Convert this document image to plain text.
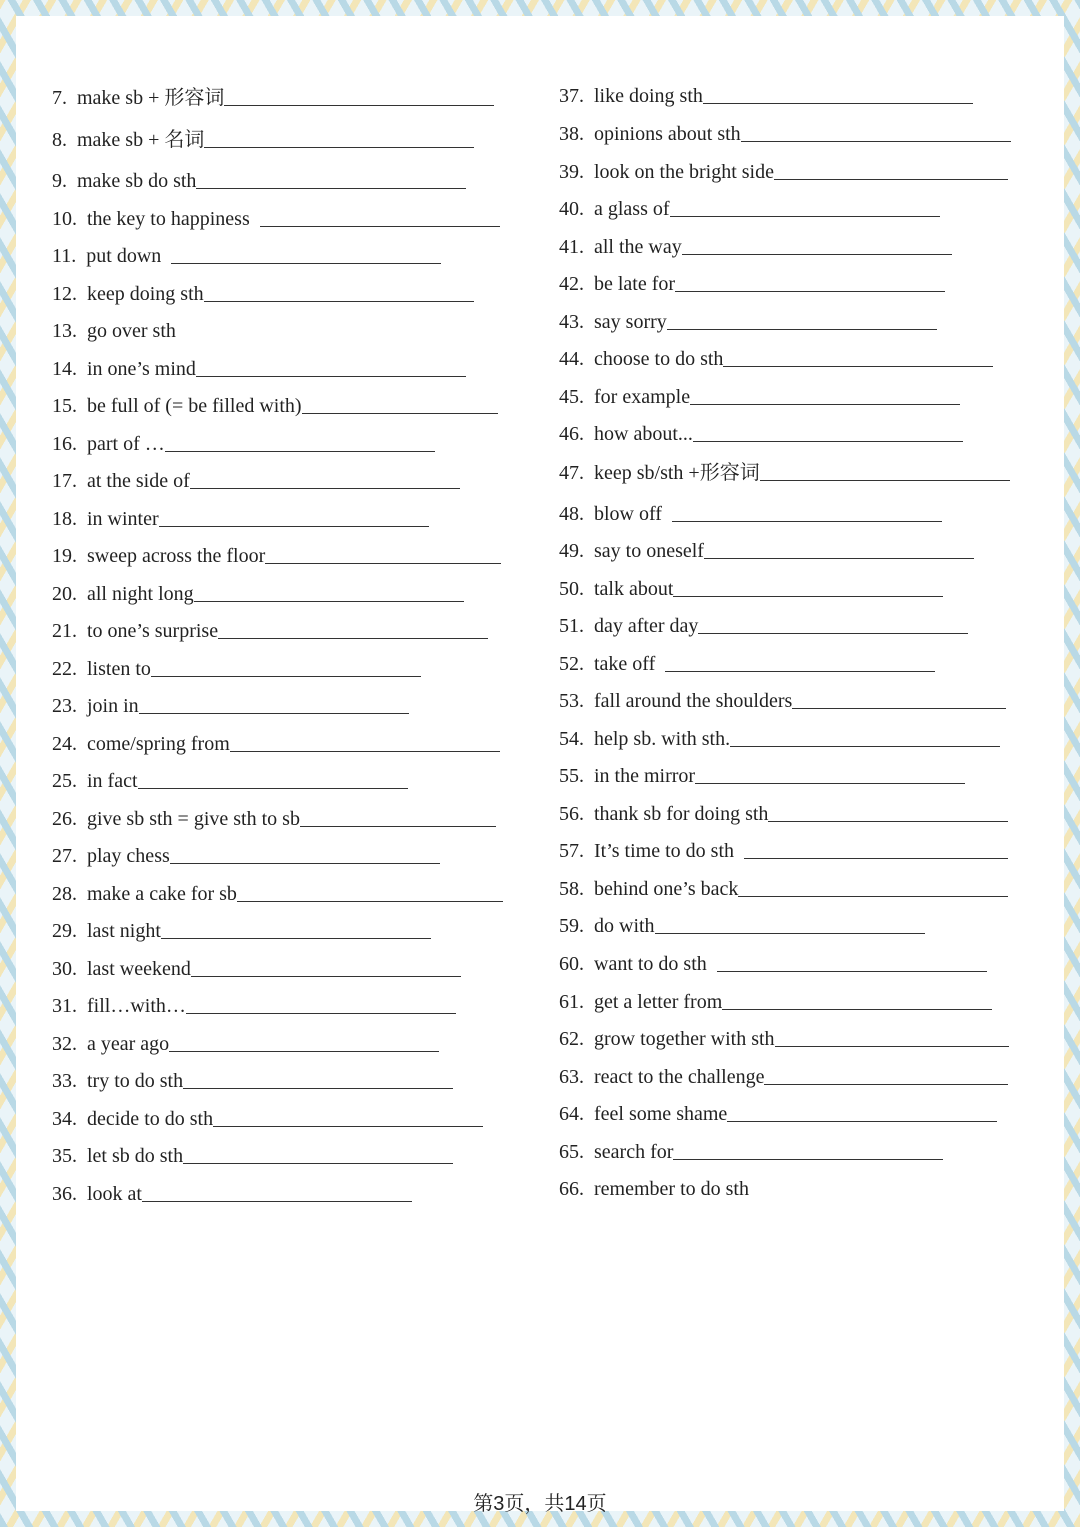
7. make sb + 形容词
8. make sb + 名词
9. make sb do sth
10. the key to happiness
11. put down
12. keep doing sth
13. go over sth
14. in one’s mind
15. be full of (= be filled with)
16. part of …
17. at the side of
18. in winter
19. sweep across the floor
20. all night long
21. to one’s surprise
22. listen to
23. join in
24. come/spring from
25. in fact
26. give sb sth = give sth to sb
27. play chess
28. make a cake for sb
29. last night
30. last weekend
31. fill…with…
32. a year ago
33. try to do sth
34. decide to do sth
35. let sb do sth
36. look at
37. like doing sth
38. opinions about sth
39. look on the bright side
40. a glass of
41. all the way
42. be late for
43. say sorry
44. choose to do sth
45. for example
46. how about...
47. keep sb/sth +形容词
48. blow off
49. say to oneself
50. talk about
51. day after day
52. take off
53. fall around the shoulders
54. help sb. with sth.
55. in the mirror
56. thank sb for doing sth
57. It’s time to do sth
58. behind one’s back
59. do with
60. want to do sth
61. get a letter from
62. grow together with sth
63. react to the challenge
64. feel some shame
65. search for
66. remember to do sth
第3页，共14页
